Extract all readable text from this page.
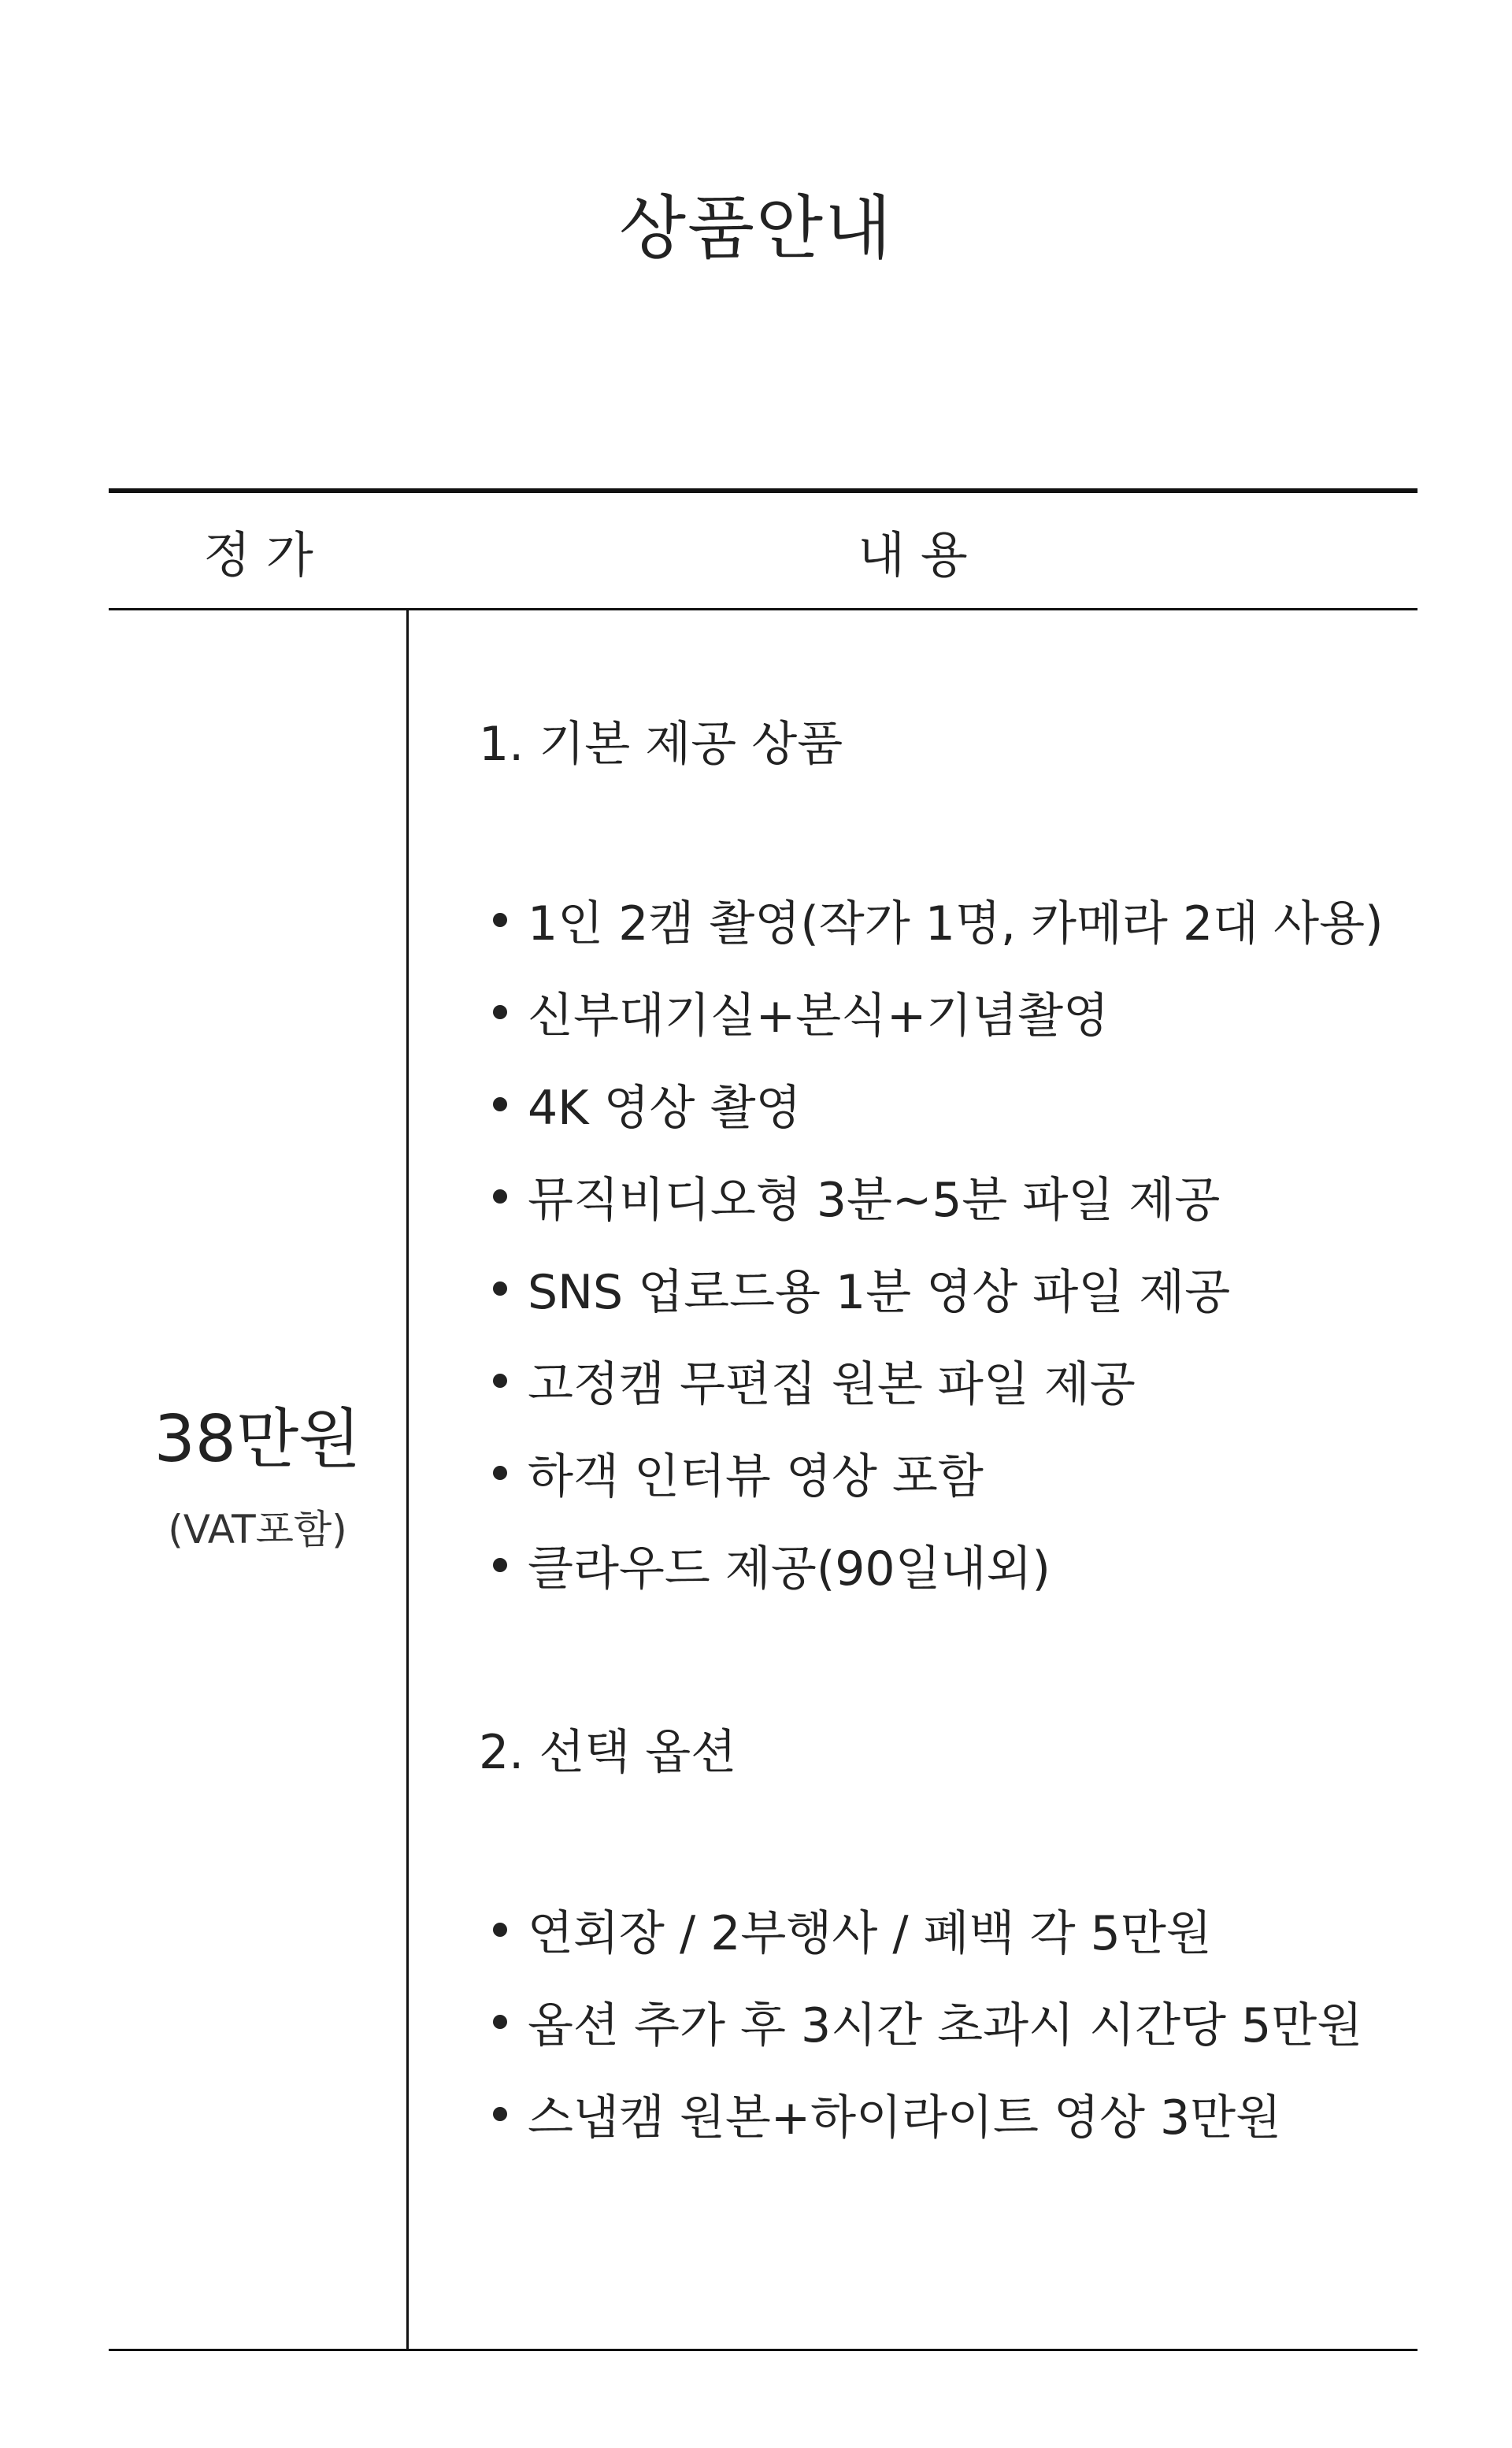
상품안내
정 가	내 용
38만원
(VAT포함)
1. 기본 제공 상품
1인 2캠 촬영(작가 1명, 카메라 2대 사용)
신부대기실+본식+기념촬영
4K 영상 촬영
뮤직비디오형 3분~5분 파일 제공
SNS 업로드용 1분 영상 파일 제공
고정캠 무편집 원본 파일 제공
하객 인터뷰 영상 포함
클라우드 제공(90일내외)
2. 선택 옵션
연회장 / 2부행사 / 폐백 각 5만원
옵션 추가 후 3시간 초과시 시간당 5만원
스냅캠 원본+하이라이트 영상 3만원
